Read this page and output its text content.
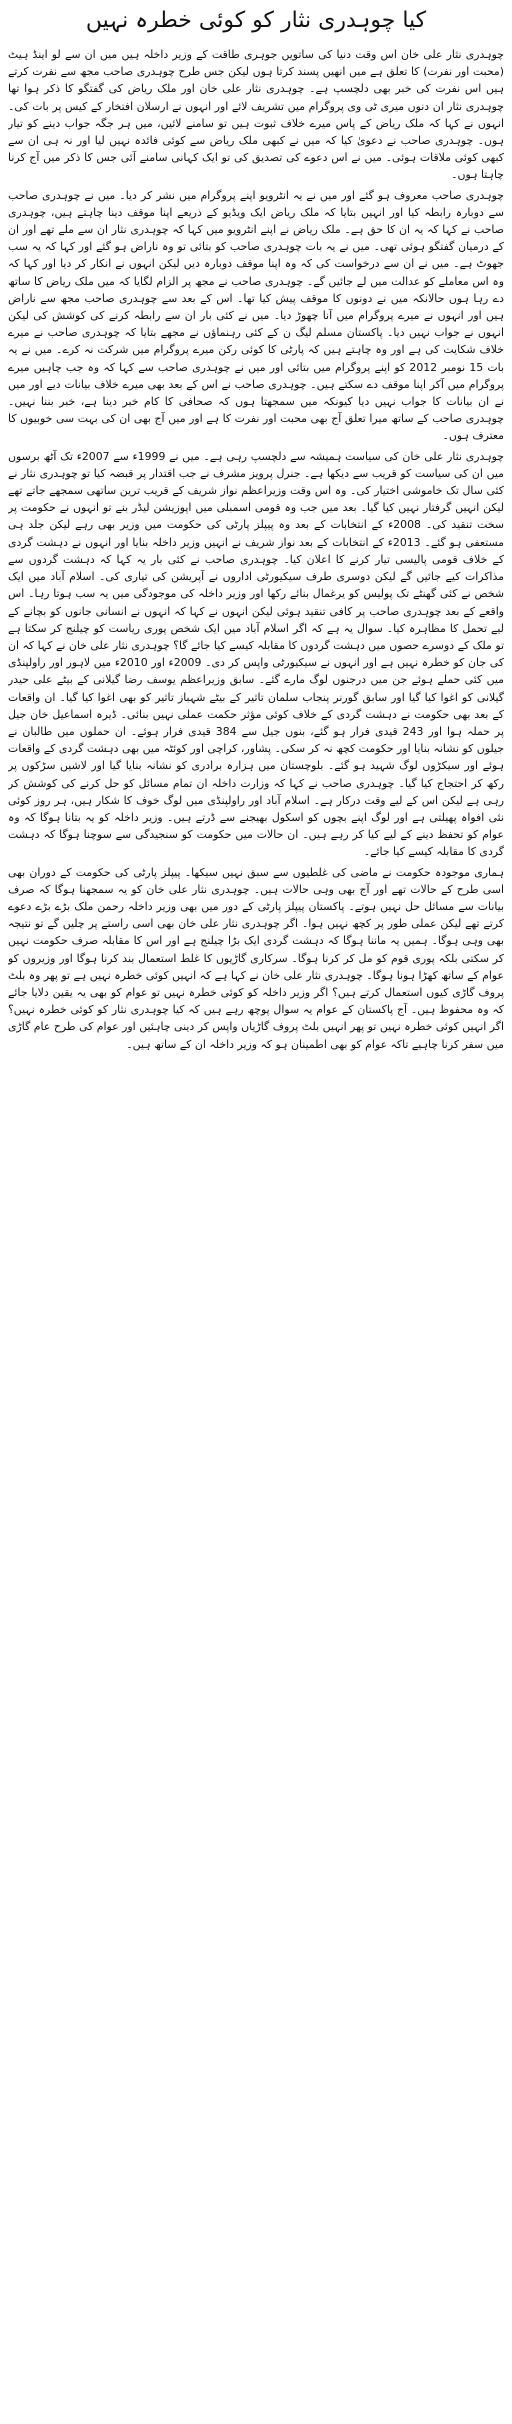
کیا چوہدری نثار کو کوئی خطرہ نہیں

چوہدری نثار علی خان اس وقت دنیا کی ساتویں جوہری طاقت کے وزیر داخلہ ہیں میں ان سے لو اینڈ ہیٹ (محبت اور نفرت) کا تعلق ہے میں انھیں پسند کرتا ہوں لیکن جس طرح چوہدری صاحب مجھ سے نفرت کرتے ہیں اس نفرت کی خبر بھی دلچسپ ہے۔ چوہدری نثار علی خان اور ملک ریاض کی گفتگو کا ذکر ہوا تھا چوہدری نثار ان دنوں میری ٹی وی پروگرام میں تشریف لائے اور انہوں نے ارسلان افتخار کے کیس پر بات کی۔ انہوں نے کہا کہ ملک ریاض کے پاس میرے خلاف ثبوت ہیں تو سامنے لائیں، میں ہر جگہ جواب دینے کو تیار ہوں۔ چوہدری صاحب نے دعویٰ کیا کہ میں نے کبھی ملک ریاض سے کوئی فائدہ نہیں لیا اور نہ ہی ان سے کبھی کوئی ملاقات ہوئی۔ میں نے اس دعوے کی تصدیق کی تو ایک کہانی سامنے آئی جس کا ذکر میں آج کرنا چاہتا ہوں۔

چوہدری صاحب معروف ہو گئے اور میں نے یہ انٹرویو اپنے پروگرام میں نشر کر دیا۔ میں نے چوہدری صاحب سے دوبارہ رابطہ کیا اور انہیں بتایا کہ ملک ریاض ایک ویڈیو کے ذریعے اپنا موقف دینا چاہتے ہیں، چوہدری صاحب نے کہا کہ یہ ان کا حق ہے۔ ملک ریاض نے اپنے انٹرویو میں کہا کہ چوہدری نثار ان سے ملے تھے اور ان کے درمیان گفتگو ہوئی تھی۔ میں نے یہ بات چوہدری صاحب کو بتائی تو وہ ناراض ہو گئے اور کہا کہ یہ سب جھوٹ ہے۔ میں نے ان سے درخواست کی کہ وہ اپنا موقف دوبارہ دیں لیکن انہوں نے انکار کر دیا اور کہا کہ وہ اس معاملے کو عدالت میں لے جائیں گے۔ چوہدری صاحب نے مجھ پر الزام لگایا کہ میں ملک ریاض کا ساتھ دے رہا ہوں حالانکہ میں نے دونوں کا موقف پیش کیا تھا۔ اس کے بعد سے چوہدری صاحب مجھ سے ناراض ہیں اور انہوں نے میرے پروگرام میں آنا چھوڑ دیا۔ میں نے کئی بار ان سے رابطہ کرنے کی کوشش کی لیکن انہوں نے جواب نہیں دیا۔ پاکستان مسلم لیگ ن کے کئی رہنماؤں نے مجھے بتایا کہ چوہدری صاحب نے میرے خلاف شکایت کی ہے اور وہ چاہتے ہیں کہ پارٹی کا کوئی رکن میرے پروگرام میں شرکت نہ کرے۔ میں نے یہ بات 15 نومبر 2012 کو اپنے پروگرام میں بتائی اور میں نے چوہدری صاحب سے کہا کہ وہ جب چاہیں میرے پروگرام میں آکر اپنا موقف دے سکتے ہیں۔ چوہدری صاحب نے اس کے بعد بھی میرے خلاف بیانات دیے اور میں نے ان بیانات کا جواب نہیں دیا کیونکہ میں سمجھتا ہوں کہ صحافی کا کام خبر دینا ہے، خبر بننا نہیں۔ چوہدری صاحب کے ساتھ میرا تعلق آج بھی محبت اور نفرت کا ہے اور میں آج بھی ان کی بہت سی خوبیوں کا معترف ہوں۔

چوہدری نثار علی خان کی سیاست ہمیشہ سے دلچسپ رہی ہے۔ میں نے 1999ء سے 2007ء تک آٹھ برسوں میں ان کی سیاست کو قریب سے دیکھا ہے۔ جنرل پرویز مشرف نے جب اقتدار پر قبضہ کیا تو چوہدری نثار نے کئی سال تک خاموشی اختیار کی۔ وہ اس وقت وزیراعظم نواز شریف کے قریب ترین ساتھی سمجھے جاتے تھے لیکن انہیں گرفتار نہیں کیا گیا۔ بعد میں جب وہ قومی اسمبلی میں اپوزیشن لیڈر بنے تو انہوں نے حکومت پر سخت تنقید کی۔ 2008ء کے انتخابات کے بعد وہ پیپلز پارٹی کی حکومت میں وزیر بھی رہے لیکن جلد ہی مستعفی ہو گئے۔ 2013ء کے انتخابات کے بعد نواز شریف نے انہیں وزیر داخلہ بنایا اور انہوں نے دہشت گردی کے خلاف قومی پالیسی تیار کرنے کا اعلان کیا۔ چوہدری صاحب نے کئی بار یہ کہا کہ دہشت گردوں سے مذاکرات کیے جائیں گے لیکن دوسری طرف سیکیورٹی اداروں نے آپریشن کی تیاری کی۔ اسلام آباد میں ایک شخص نے کئی گھنٹے تک پولیس کو یرغمال بنائے رکھا اور وزیر داخلہ کی موجودگی میں یہ سب ہوتا رہا۔ اس واقعے کے بعد چوہدری صاحب پر کافی تنقید ہوئی لیکن انہوں نے کہا کہ انہوں نے انسانی جانوں کو بچانے کے لیے تحمل کا مظاہرہ کیا۔ سوال یہ ہے کہ اگر اسلام آباد میں ایک شخص پوری ریاست کو چیلنج کر سکتا ہے تو ملک کے دوسرے حصوں میں دہشت گردوں کا مقابلہ کیسے کیا جائے گا؟ چوہدری نثار علی خان نے کہا کہ ان کی جان کو خطرہ نہیں ہے اور انہوں نے سیکیورٹی واپس کر دی۔ 2009ء اور 2010ء میں لاہور اور راولپنڈی میں کئی حملے ہوئے جن میں درجنوں لوگ مارے گئے۔ سابق وزیراعظم یوسف رضا گیلانی کے بیٹے علی حیدر گیلانی کو اغوا کیا گیا اور سابق گورنر پنجاب سلمان تاثیر کے بیٹے شہباز تاثیر کو بھی اغوا کیا گیا۔ ان واقعات کے بعد بھی حکومت نے دہشت گردی کے خلاف کوئی مؤثر حکمت عملی نہیں بنائی۔ ڈیرہ اسماعیل خان جیل پر حملہ ہوا اور 243 قیدی فرار ہو گئے، بنوں جیل سے 384 قیدی فرار ہوئے۔ ان حملوں میں طالبان نے جیلوں کو نشانہ بنایا اور حکومت کچھ نہ کر سکی۔ پشاور، کراچی اور کوئٹہ میں بھی دہشت گردی کے واقعات ہوئے اور سیکڑوں لوگ شہید ہو گئے۔ بلوچستان میں ہزارہ برادری کو نشانہ بنایا گیا اور لاشیں سڑکوں پر رکھ کر احتجاج کیا گیا۔ چوہدری صاحب نے کہا کہ وزارت داخلہ ان تمام مسائل کو حل کرنے کی کوشش کر رہی ہے لیکن اس کے لیے وقت درکار ہے۔ اسلام آباد اور راولپنڈی میں لوگ خوف کا شکار ہیں، ہر روز کوئی نئی افواہ پھیلتی ہے اور لوگ اپنے بچوں کو اسکول بھیجنے سے ڈرتے ہیں۔ وزیر داخلہ کو یہ بتانا ہوگا کہ وہ عوام کو تحفظ دینے کے لیے کیا کر رہے ہیں۔ ان حالات میں حکومت کو سنجیدگی سے سوچنا ہوگا کہ دہشت گردی کا مقابلہ کیسے کیا جائے۔

ہماری موجودہ حکومت نے ماضی کی غلطیوں سے سبق نہیں سیکھا۔ پیپلز پارٹی کی حکومت کے دوران بھی اسی طرح کے حالات تھے اور آج بھی وہی حالات ہیں۔ چوہدری نثار علی خان کو یہ سمجھنا ہوگا کہ صرف بیانات سے مسائل حل نہیں ہوتے۔ پاکستان پیپلز پارٹی کے دور میں بھی وزیر داخلہ رحمن ملک بڑے بڑے دعوے کرتے تھے لیکن عملی طور پر کچھ نہیں ہوا۔ اگر چوہدری نثار علی خان بھی اسی راستے پر چلیں گے تو نتیجہ بھی وہی ہوگا۔ ہمیں یہ ماننا ہوگا کہ دہشت گردی ایک بڑا چیلنج ہے اور اس کا مقابلہ صرف حکومت نہیں کر سکتی بلکہ پوری قوم کو مل کر کرنا ہوگا۔ سرکاری گاڑیوں کا غلط استعمال بند کرنا ہوگا اور وزیروں کو عوام کے ساتھ کھڑا ہونا ہوگا۔ چوہدری نثار علی خان نے کہا ہے کہ انہیں کوئی خطرہ نہیں ہے تو پھر وہ بلٹ پروف گاڑی کیوں استعمال کرتے ہیں؟ اگر وزیر داخلہ کو کوئی خطرہ نہیں تو عوام کو بھی یہ یقین دلایا جائے کہ وہ محفوظ ہیں۔ آج پاکستان کے عوام یہ سوال پوچھ رہے ہیں کہ کیا چوہدری نثار کو کوئی خطرہ نہیں؟ اگر انہیں کوئی خطرہ نہیں تو پھر انہیں بلٹ پروف گاڑیاں واپس کر دینی چاہئیں اور عوام کی طرح عام گاڑی میں سفر کرنا چاہیے تاکہ عوام کو بھی اطمینان ہو کہ وزیر داخلہ ان کے ساتھ ہیں۔
